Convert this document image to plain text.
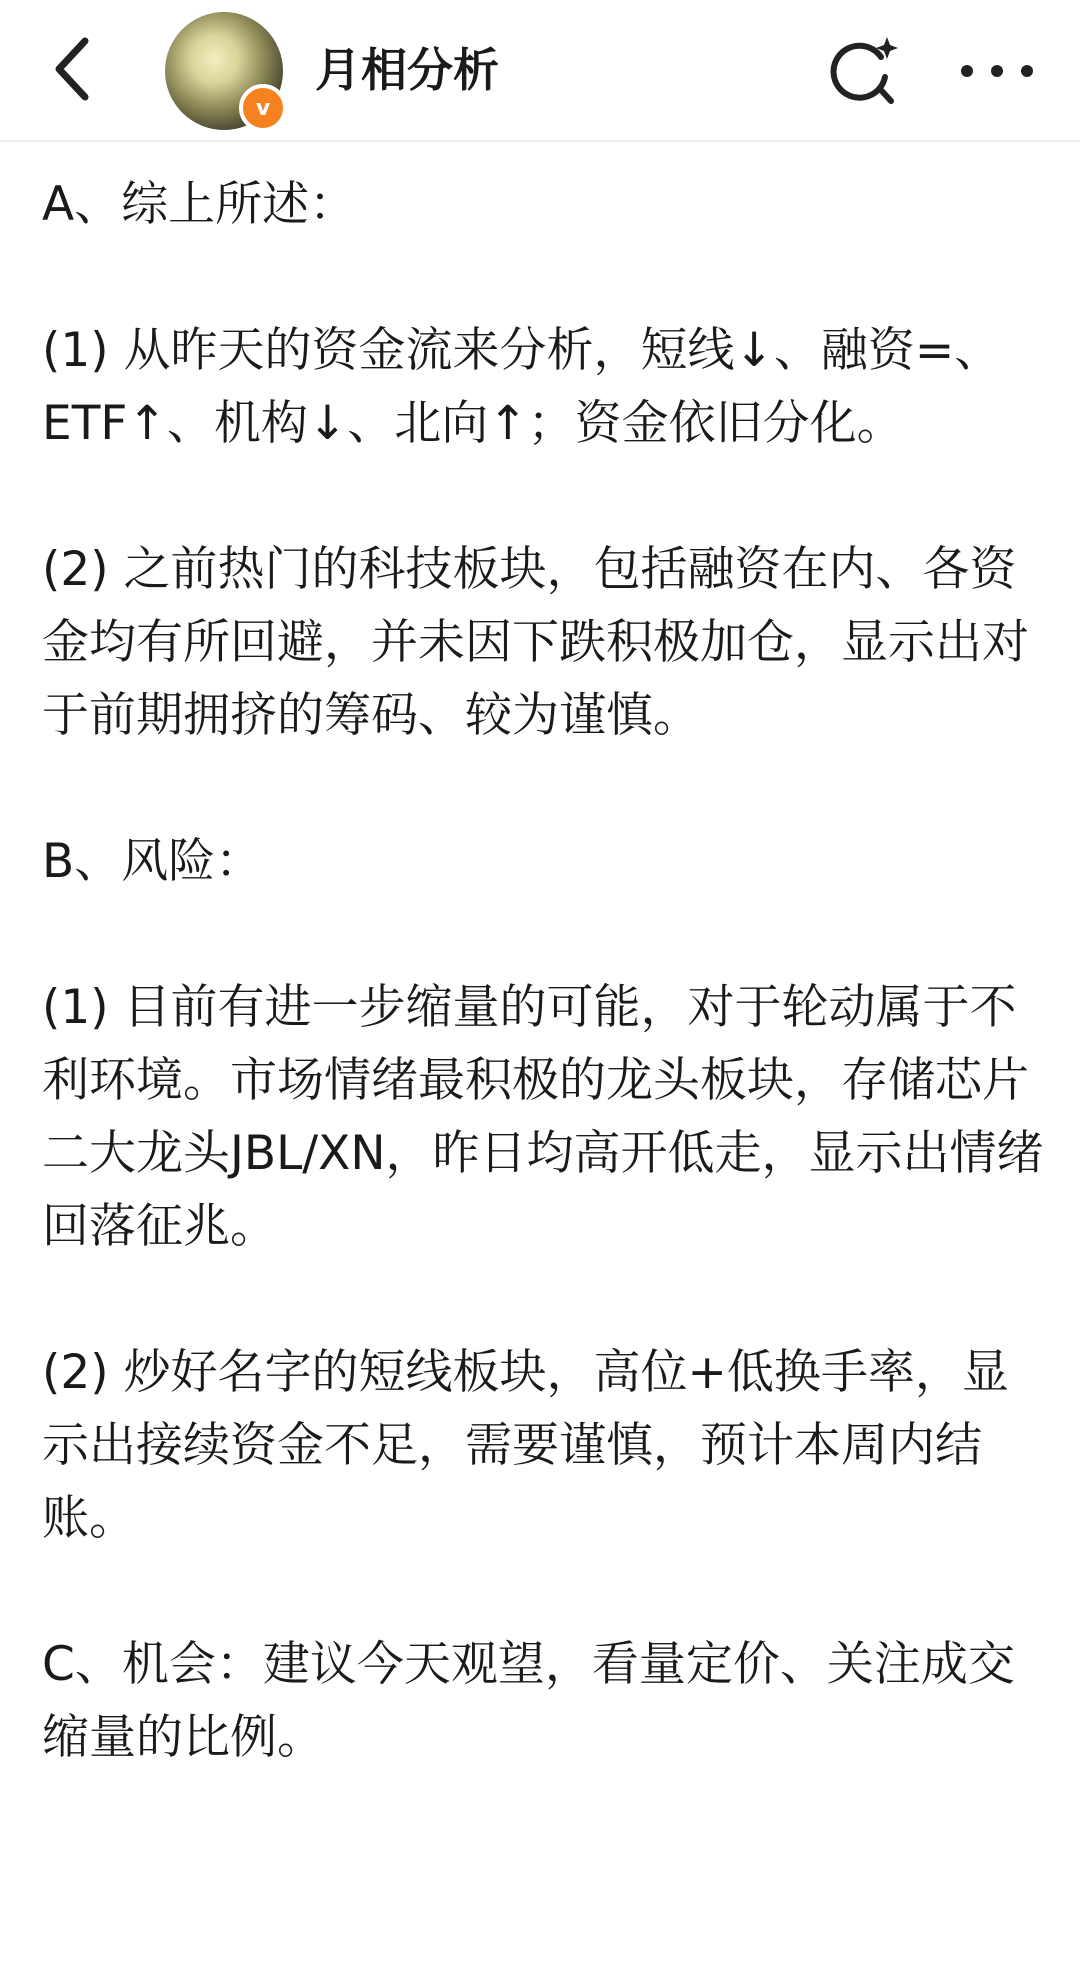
v
月相分析

A、综上所述：

(1) 从昨天的资金流来分析，短线↓、融资=、ETF↑、机构↓、北向↑；资金依旧分化。

(2) 之前热门的科技板块，包括融资在内、各资金均有所回避，并未因下跌积极加仓，显示出对于前期拥挤的筹码、较为谨慎。

B、风险：

(1) 目前有进一步缩量的可能，对于轮动属于不利环境。市场情绪最积极的龙头板块，存储芯片二大龙头JBL/XN，昨日均高开低走，显示出情绪回落征兆。

(2) 炒好名字的短线板块，高位+低换手率，显示出接续资金不足，需要谨慎，预计本周内结账。

C、机会：建议今天观望，看量定价、关注成交缩量的比例。
